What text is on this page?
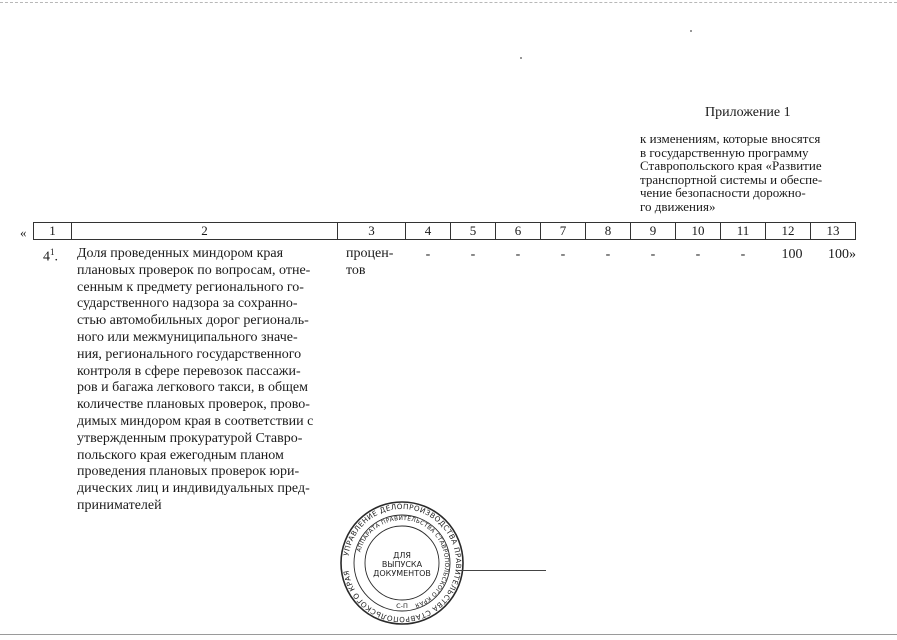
Приложение 1
к изменениям, которые вносятся
в государственную программу
Ставропольского края «Развитие
транспортной системы и обеспе-
чение безопасности дорожно-
го движения»
« 1	2	3	4	5	6	7	8	9	10	11	12	13
$4^1$. Доля проведенных миндором края
плановых проверок по вопросам, отне-
сенным к предмету регионального го-
сударственного надзора за сохранно-
стью автомобильных дорог региональ-
ного или межмуниципального значе-
ния, регионального государственного
контроля в сфере перевозок пассажи-
ров и багажа легкового такси, в общем
количестве плановых проверок, прово-
димых миндором края в соответствии с
утвержденным прокуратурой Ставро-
польского края ежегодным планом
проведения плановых проверок юри-
дических лиц и индивидуальных пред-
принимателей
процен-
тов
-	-	-	-	-	-	-	-	100	100»
УПРАВЛЕНИЕ ДЕЛОПРОИЗВОДСТВА ПРАВИТЕЛЬСТВА СТАВРОПОЛЬСКОГО КРАЯ
АППАРАТА ПРАВИТЕЛЬСТВА СТАВРОПОЛЬСКОГО КРАЯ
ДЛЯ
ВЫПУСКА
ДОКУМЕНТОВ
С-П
